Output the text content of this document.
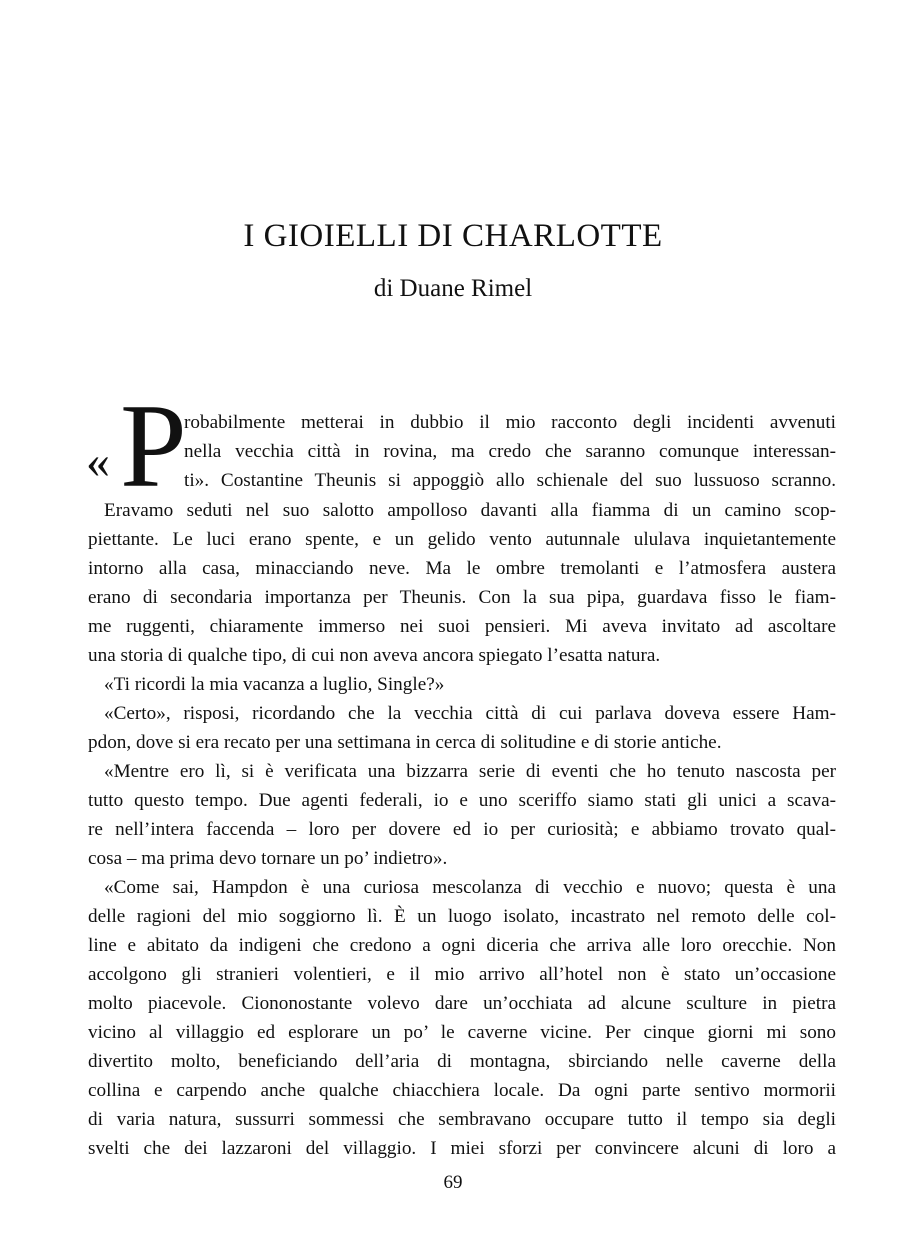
I GIOIELLI DI CHARLOTTE
di Duane Rimel
« P

robabilmente metterai in dubbio il mio racconto degli incidenti avvenuti

nella vecchia città in rovina, ma credo che saranno comunque interessan-

ti». Costantine Theunis si appoggiò allo schienale del suo lussuoso scranno.

Eravamo seduti nel suo salotto ampolloso davanti alla fiamma di un camino scop-

piettante. Le luci erano spente, e un gelido vento autunnale ululava inquietantemente

intorno alla casa, minacciando neve. Ma le ombre tremolanti e l’atmosfera austera

erano di secondaria importanza per Theunis. Con la sua pipa, guardava fisso le fiam-

me ruggenti, chiaramente immerso nei suoi pensieri. Mi aveva invitato ad ascoltare

una storia di qualche tipo, di cui non aveva ancora spiegato l’esatta natura.

«Ti ricordi la mia vacanza a luglio, Single?»

«Certo», risposi, ricordando che la vecchia città di cui parlava doveva essere Ham-

pdon, dove si era recato per una settimana in cerca di solitudine e di storie antiche.

«Mentre ero lì, si è verificata una bizzarra serie di eventi che ho tenuto nascosta per

tutto questo tempo. Due agenti federali, io e uno sceriffo siamo stati gli unici a scava-

re nell’intera faccenda – loro per dovere ed io per curiosità; e abbiamo trovato qual-

cosa – ma prima devo tornare un po’ indietro».

«Come sai, Hampdon è una curiosa mescolanza di vecchio e nuovo; questa è una

delle ragioni del mio soggiorno lì. È un luogo isolato, incastrato nel remoto delle col-

line e abitato da indigeni che credono a ogni diceria che arriva alle loro orecchie. Non

accolgono gli stranieri volentieri, e il mio arrivo all’hotel non è stato un’occasione

molto piacevole. Ciononostante volevo dare un’occhiata ad alcune sculture in pietra

vicino al villaggio ed esplorare un po’ le caverne vicine. Per cinque giorni mi sono

divertito molto, beneficiando dell’aria di montagna, sbirciando nelle caverne della

collina e carpendo anche qualche chiacchiera locale. Da ogni parte sentivo mormorii

di varia natura, sussurri sommessi che sembravano occupare tutto il tempo sia degli

svelti che dei lazzaroni del villaggio. I miei sforzi per convincere alcuni di loro a

69
